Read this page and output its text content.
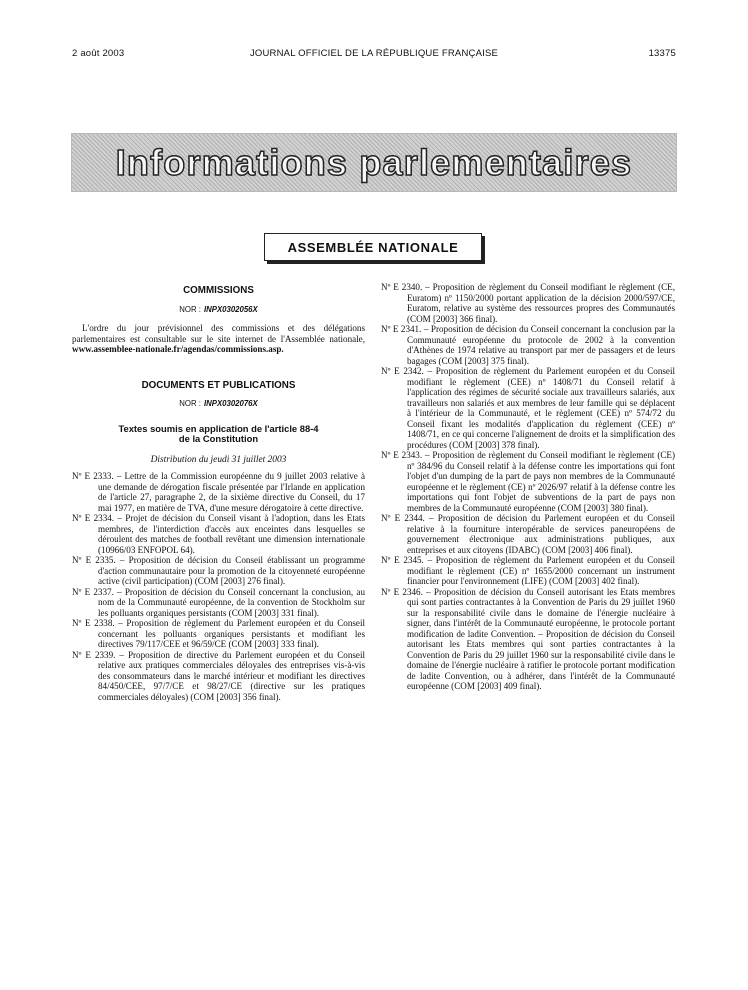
2 août 2003	JOURNAL OFFICIEL DE LA RÉPUBLIQUE FRANÇAISE	13375
Informations parlementaires
ASSEMBLÉE NATIONALE
COMMISSIONS
NOR : INPX0302056X

L'ordre du jour prévisionnel des commissions et des délégations parlementaires est consultable sur le site internet de l'Assemblée nationale, www.assemblee-nationale.fr/agendas/commissions.asp.

DOCUMENTS ET PUBLICATIONS
NOR : INPX0302076X
Textes soumis en application de l'article 88-4
de la Constitution
Distribution du jeudi 31 juillet 2003

Nº E 2333. – Lettre de la Commission européenne du 9 juillet 2003 relative à une demande de dérogation fiscale présentée par l'Irlande en application de l'article 27, paragraphe 2, de la sixième directive du Conseil, du 17 mai 1977, en matière de TVA, d'une mesure dérogatoire à cette directive.

Nº E 2334. – Projet de décision du Conseil visant à l'adoption, dans les Etats membres, de l'interdiction d'accès aux enceintes dans lesquelles se déroulent des matches de football revêtant une dimension internationale (10966/03 ENFOPOL 64).

Nº E 2335. – Proposition de décision du Conseil établissant un programme d'action communautaire pour la promotion de la citoyenneté européenne active (civil participation) (COM [2003] 276 final).

Nº E 2337. – Proposition de décision du Conseil concernant la conclusion, au nom de la Communauté européenne, de la convention de Stockholm sur les polluants organiques persistants (COM [2003] 331 final).

Nº E 2338. – Proposition de règlement du Parlement européen et du Conseil concernant les polluants organiques persistants et modifiant les directives 79/117/CEE et 96/59/CE (COM [2003] 333 final).

Nº E 2339. – Proposition de directive du Parlement européen et du Conseil relative aux pratiques commerciales déloyales des entreprises vis-à-vis des consommateurs dans le marché intérieur et modifiant les directives 84/450/CEE, 97/7/CE et 98/27/CE (directive sur les pratiques commerciales déloyales) (COM [2003] 356 final).

Nº E 2340. – Proposition de règlement du Conseil modifiant le règlement (CE, Euratom) nº 1150/2000 portant application de la décision 2000/597/CE, Euratom, relative au système des ressources propres des Communautés (COM [2003] 366 final).

Nº E 2341. – Proposition de décision du Conseil concernant la conclusion par la Communauté européenne du protocole de 2002 à la convention d'Athènes de 1974 relative au transport par mer de passagers et de leurs bagages (COM [2003] 375 final).

Nº E 2342. – Proposition de règlement du Parlement européen et du Conseil modifiant le règlement (CEE) nº 1408/71 du Conseil relatif à l'application des régimes de sécurité sociale aux travailleurs salariés, aux travailleurs non salariés et aux membres de leur famille qui se déplacent à l'intérieur de la Communauté, et le règlement (CEE) nº 574/72 du Conseil fixant les modalités d'application du règlement (CEE) nº 1408/71, en ce qui concerne l'alignement de droits et la simplification des procédures (COM [2003] 378 final).

Nº E 2343. – Proposition de règlement du Conseil modifiant le règlement (CE) nº 384/96 du Conseil relatif à la défense contre les importations qui font l'objet d'un dumping de la part de pays non membres de la Communauté européenne et le règlement (CE) nº 2026/97 relatif à la défense contre les importations qui font l'objet de subventions de la part de pays non membres de la Communauté européenne (COM [2003] 380 final).

Nº E 2344. – Proposition de décision du Parlement européen et du Conseil relative à la fourniture interopérable de services paneuropéens de gouvernement électronique aux administrations publiques, aux entreprises et aux citoyens (IDABC) (COM [2003] 406 final).

Nº E 2345. – Proposition de règlement du Parlement européen et du Conseil modifiant le règlement (CE) nº 1655/2000 concernant un instrument financier pour l'environnement (LIFE) (COM [2003] 402 final).

Nº E 2346. – Proposition de décision du Conseil autorisant les Etats membres qui sont parties contractantes à la Convention de Paris du 29 juillet 1960 sur la responsabilité civile dans le domaine de l'énergie nucléaire à signer, dans l'intérêt de la Communauté européenne, le protocole portant modification de ladite Convention. – Proposition de décision du Conseil autorisant les Etats membres qui sont parties contractantes à la Convention de Paris du 29 juillet 1960 sur la responsabilité civile dans le domaine de l'énergie nucléaire à ratifier le protocole portant modification de ladite Convention, ou à adhérer, dans l'intérêt de la Communauté européenne (COM [2003] 409 final).
